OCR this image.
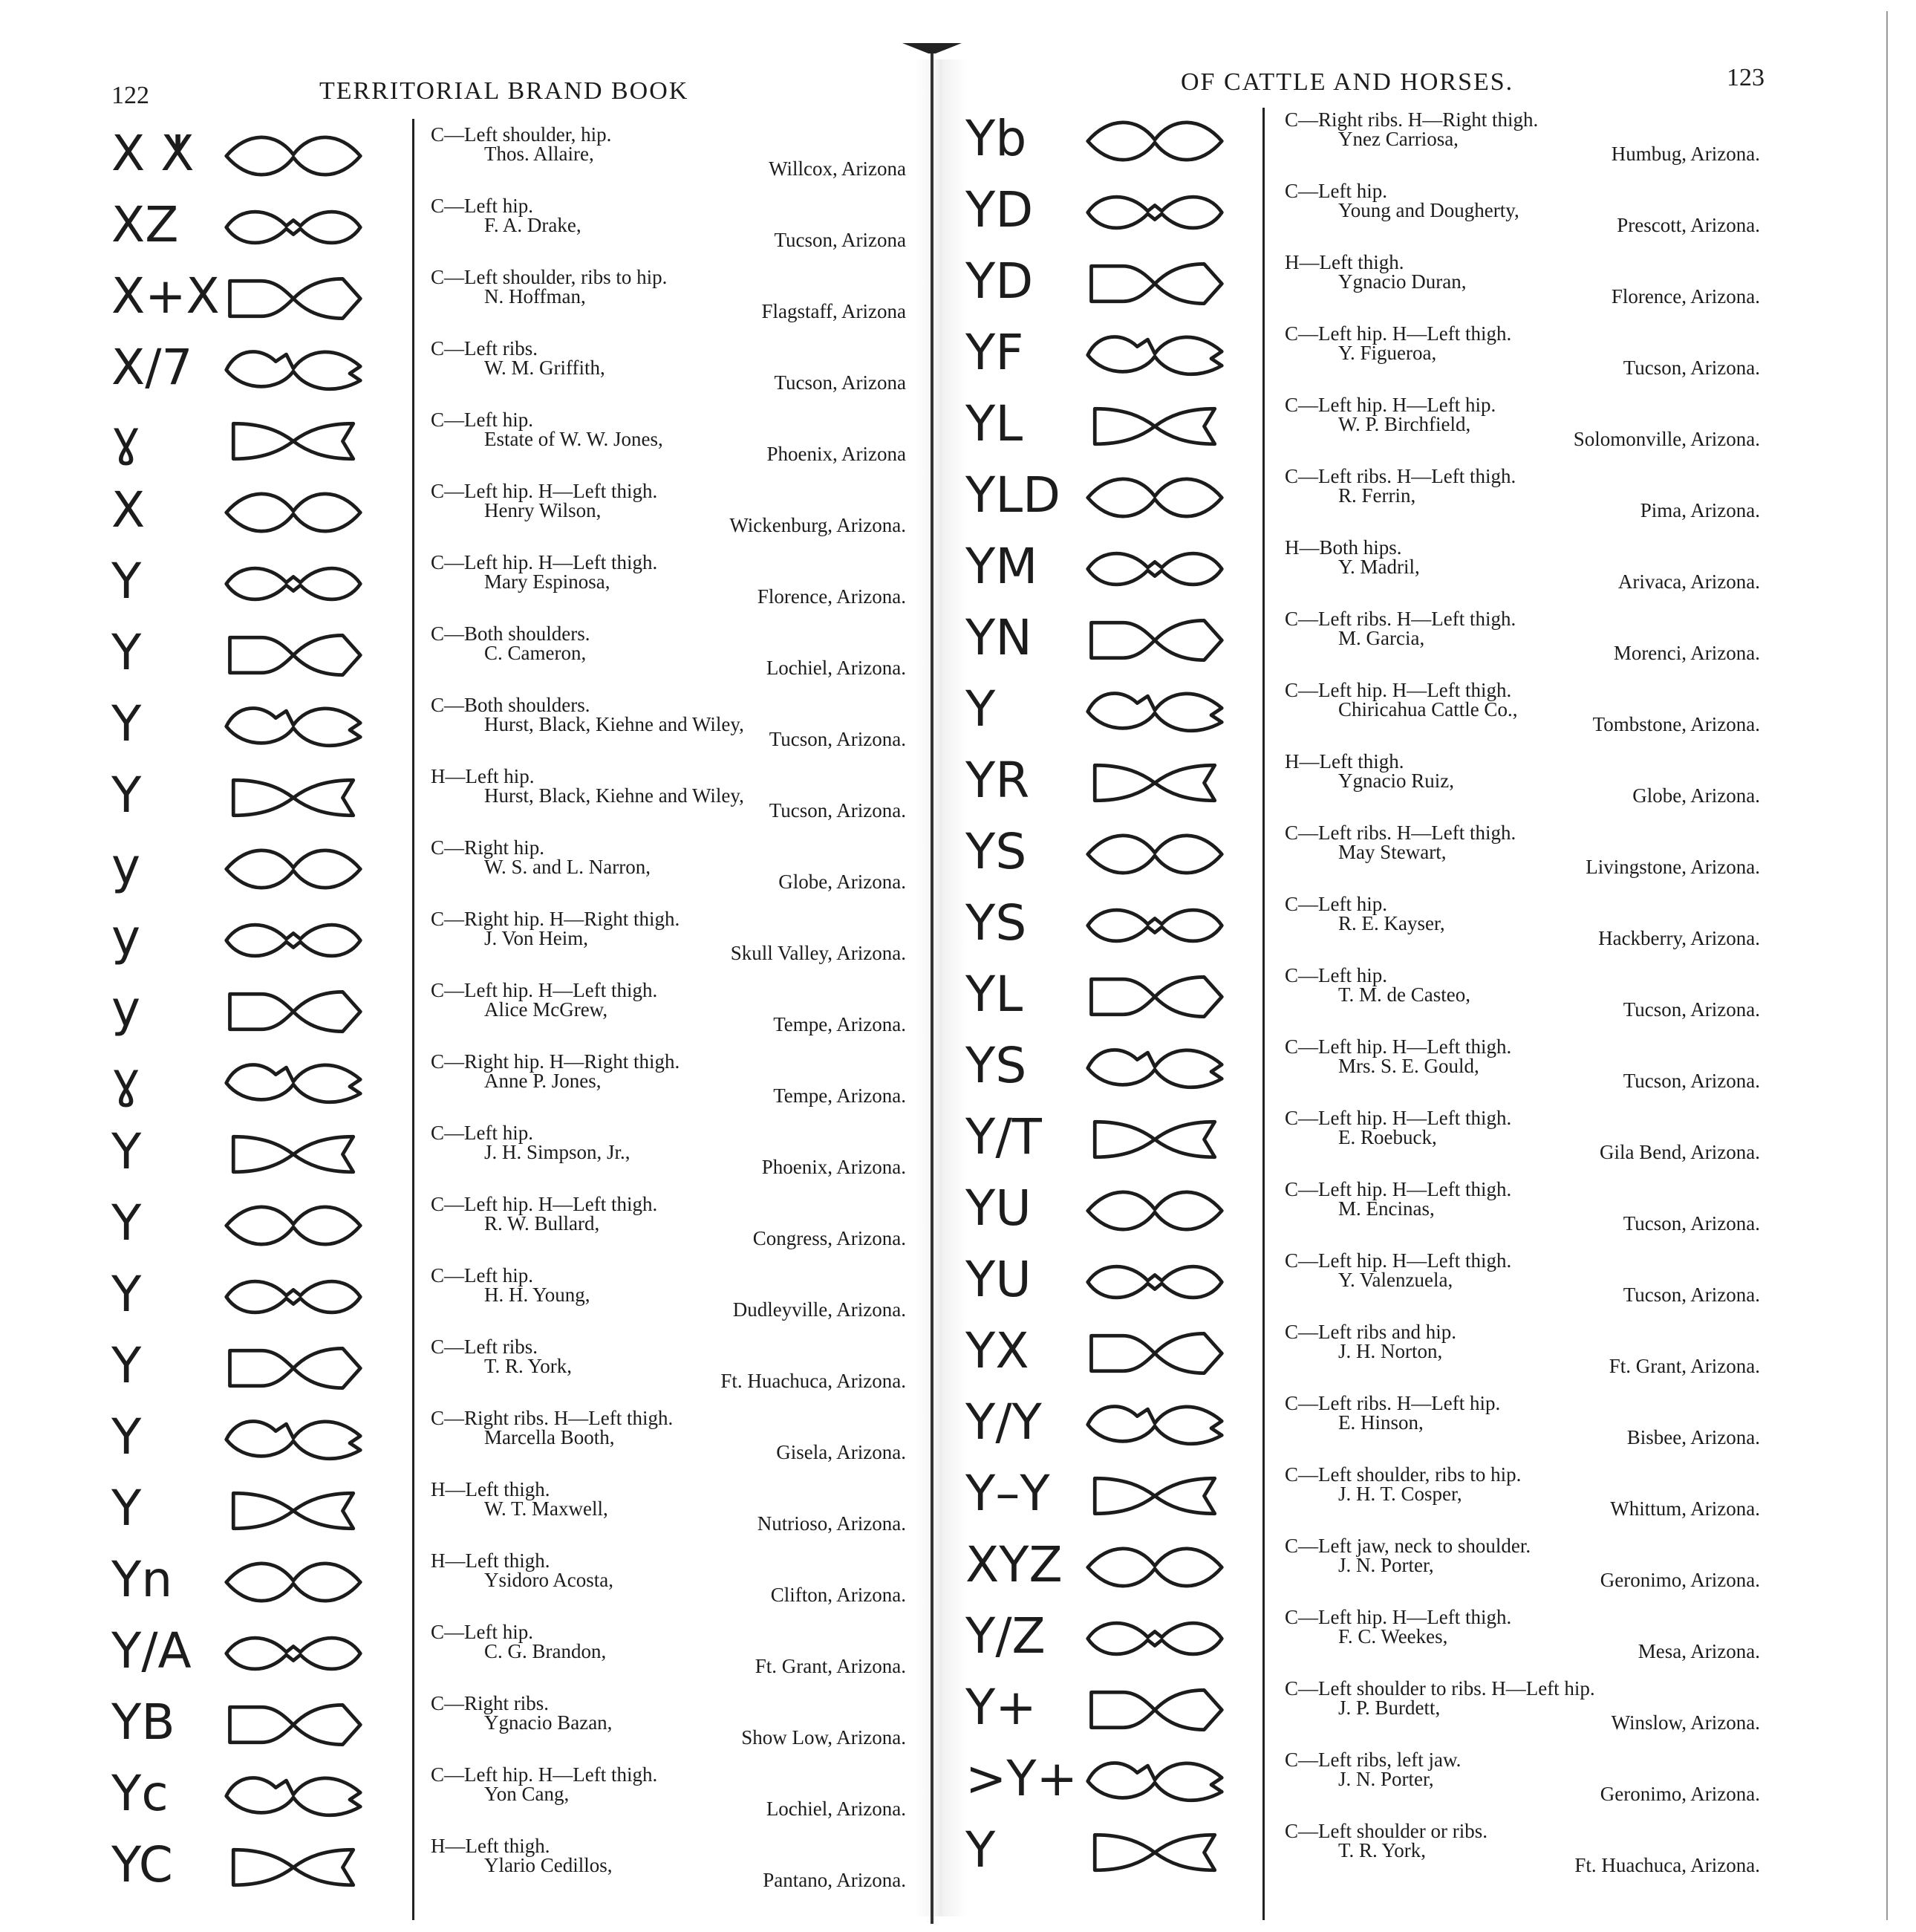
122	TERRITORIAL BRAND BOOK	OF CATTLE AND HORSES.	123
X ⵅ	C—Left shoulder, hip.
Thos. Allaire,
Willcox, Arizona
XZ	C—Left hip.
F. A. Drake,
Tucson, Arizona
X+X	C—Left shoulder, ribs to hip.
N. Hoffman,
Flagstaff, Arizona
X/7	C—Left ribs.
W. M. Griffith,
Tucson, Arizona
ɣ	C—Left hip.
Estate of W. W. Jones,
Phoenix, Arizona
X	C—Left hip. H—Left thigh.
Henry Wilson,
Wickenburg, Arizona.
Y	C—Left hip. H—Left thigh.
Mary Espinosa,
Florence, Arizona.
Y	C—Both shoulders.
C. Cameron,
Lochiel, Arizona.
Y	C—Both shoulders.
Hurst, Black, Kiehne and Wiley,
Tucson, Arizona.
Y	H—Left hip.
Hurst, Black, Kiehne and Wiley,
Tucson, Arizona.
y	C—Right hip.
W. S. and L. Narron,
Globe, Arizona.
y	C—Right hip. H—Right thigh.
J. Von Heim,
Skull Valley, Arizona.
y	C—Left hip. H—Left thigh.
Alice McGrew,
Tempe, Arizona.
ɣ	C—Right hip. H—Right thigh.
Anne P. Jones,
Tempe, Arizona.
Y	C—Left hip.
J. H. Simpson, Jr.,
Phoenix, Arizona.
Y	C—Left hip. H—Left thigh.
R. W. Bullard,
Congress, Arizona.
Y	C—Left hip.
H. H. Young,
Dudleyville, Arizona.
Y	C—Left ribs.
T. R. York,
Ft. Huachuca, Arizona.
Y	C—Right ribs. H—Left thigh.
Marcella Booth,
Gisela, Arizona.
Y	H—Left thigh.
W. T. Maxwell,
Nutrioso, Arizona.
Yn	H—Left thigh.
Ysidoro Acosta,
Clifton, Arizona.
Y/A	C—Left hip.
C. G. Brandon,
Ft. Grant, Arizona.
YB	C—Right ribs.
Ygnacio Bazan,
Show Low, Arizona.
Yc	C—Left hip. H—Left thigh.
Yon Cang,
Lochiel, Arizona.
YC	H—Left thigh.
Ylario Cedillos,
Pantano, Arizona.
Yb	C—Right ribs. H—Right thigh.
Ynez Carriosa,
Humbug, Arizona.
YD	C—Left hip.
Young and Dougherty,
Prescott, Arizona.
YD	H—Left thigh.
Ygnacio Duran,
Florence, Arizona.
YF	C—Left hip. H—Left thigh.
Y. Figueroa,
Tucson, Arizona.
YL	C—Left hip. H—Left hip.
W. P. Birchfield,
Solomonville, Arizona.
YLD	C—Left ribs. H—Left thigh.
R. Ferrin,
Pima, Arizona.
YM	H—Both hips.
Y. Madril,
Arivaca, Arizona.
YN	C—Left ribs. H—Left thigh.
M. Garcia,
Morenci, Arizona.
Y	C—Left hip. H—Left thigh.
Chiricahua Cattle Co.,
Tombstone, Arizona.
YR	H—Left thigh.
Ygnacio Ruiz,
Globe, Arizona.
YS	C—Left ribs. H—Left thigh.
May Stewart,
Livingstone, Arizona.
YS	C—Left hip.
R. E. Kayser,
Hackberry, Arizona.
YL	C—Left hip.
T. M. de Casteo,
Tucson, Arizona.
YS	C—Left hip. H—Left thigh.
Mrs. S. E. Gould,
Tucson, Arizona.
Y/T	C—Left hip. H—Left thigh.
E. Roebuck,
Gila Bend, Arizona.
YU	C—Left hip. H—Left thigh.
M. Encinas,
Tucson, Arizona.
YU	C—Left hip. H—Left thigh.
Y. Valenzuela,
Tucson, Arizona.
YX	C—Left ribs and hip.
J. H. Norton,
Ft. Grant, Arizona.
Y/Y	C—Left ribs. H—Left hip.
E. Hinson,
Bisbee, Arizona.
Y–Y	C—Left shoulder, ribs to hip.
J. H. T. Cosper,
Whittum, Arizona.
XYZ	C—Left jaw, neck to shoulder.
J. N. Porter,
Geronimo, Arizona.
Y/Z	C—Left hip. H—Left thigh.
F. C. Weekes,
Mesa, Arizona.
Y+	C—Left shoulder to ribs. H—Left hip.
J. P. Burdett,
Winslow, Arizona.
>Y+	C—Left ribs, left jaw.
J. N. Porter,
Geronimo, Arizona.
Y	C—Left shoulder or ribs.
T. R. York,
Ft. Huachuca, Arizona.
